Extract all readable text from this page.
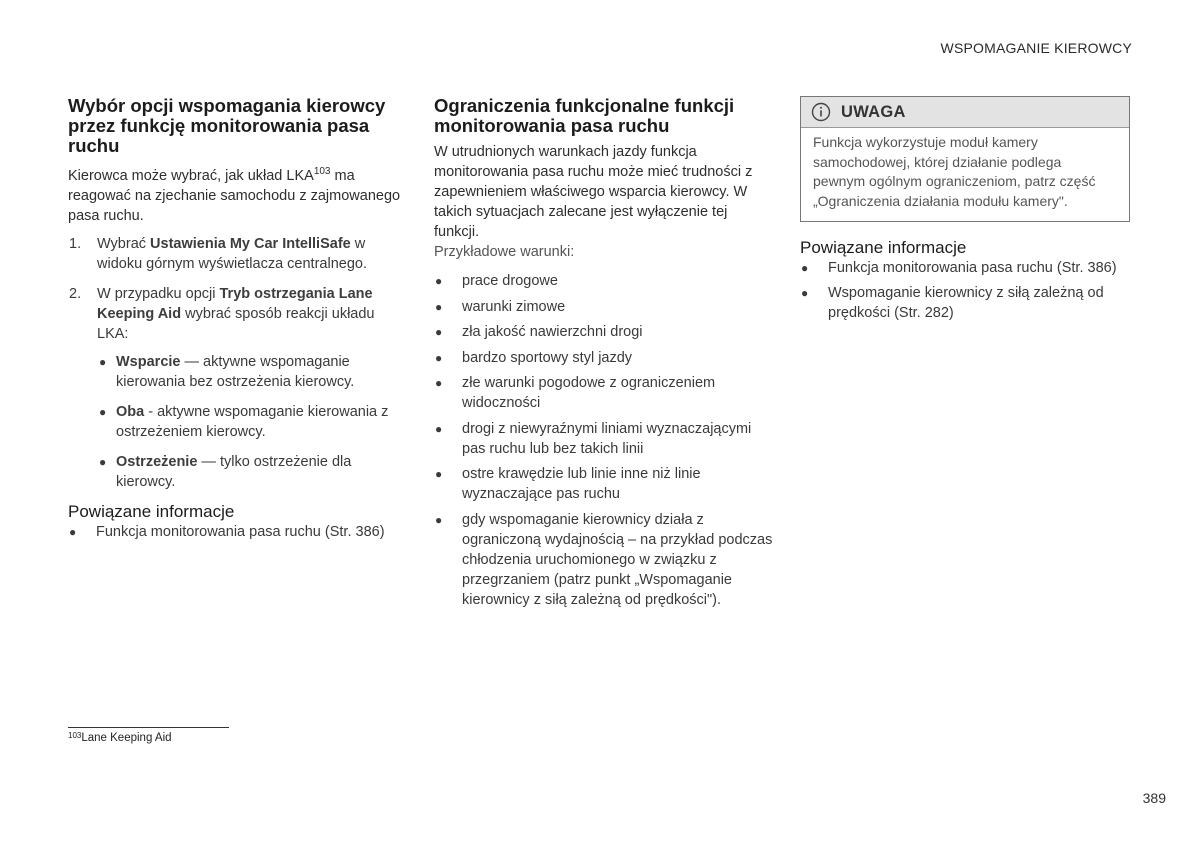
WSPOMAGANIE KIEROWCY
Wybór opcji wspomagania kierowcy przez funkcję monitorowania pasa ruchu

Kierowca może wybrać, jak układ LKA$^{103}$ ma reagować na zjechanie samochodu z zajmowanego pasa ruchu.

1. Wybrać Ustawienia My Car IntelliSafe w widoku górnym wyświetlacza centralnego.
2. W przypadku opcji Tryb ostrzegania Lane Keeping Aid wybrać sposób reakcji układu LKA:
● Wsparcie — aktywne wspomaganie kierowania bez ostrzeżenia kierowcy.
● Oba - aktywne wspomaganie kierowania z ostrzeżeniem kierowcy.
● Ostrzeżenie — tylko ostrzeżenie dla kierowcy.
Powiązane informacje
● Funkcja monitorowania pasa ruchu (Str. 386)
Ograniczenia funkcjonalne funkcji monitorowania pasa ruchu

W utrudnionych warunkach jazdy funkcja monitorowania pasa ruchu może mieć trudności z zapewnieniem właściwego wsparcia kierowcy. W takich sytuacjach zalecane jest wyłączenie tej funkcji.

Przykładowe warunki:

● prace drogowe
● warunki zimowe
● zła jakość nawierzchni drogi
● bardzo sportowy styl jazdy
● złe warunki pogodowe z ograniczeniem widoczności
● drogi z niewyraźnymi liniami wyznaczającymi pas ruchu lub bez takich linii
● ostre krawędzie lub linie inne niż linie wyznaczające pas ruchu
● gdy wspomaganie kierownicy działa z ograniczoną wydajnością – na przykład podczas chłodzenia uruchomionego w związku z przegrzaniem (patrz punkt „Wspomaganie kierownicy z siłą zależną od prędkości").
UWAGA
Funkcja wykorzystuje moduł kamery samochodowej, której działanie podlega pewnym ogólnym ograniczeniom, patrz część „Ograniczenia działania modułu kamery".
Powiązane informacje
● Funkcja monitorowania pasa ruchu (Str. 386)
● Wspomaganie kierownicy z siłą zależną od prędkości (Str. 282)
$^{103}$Lane Keeping Aid
389
